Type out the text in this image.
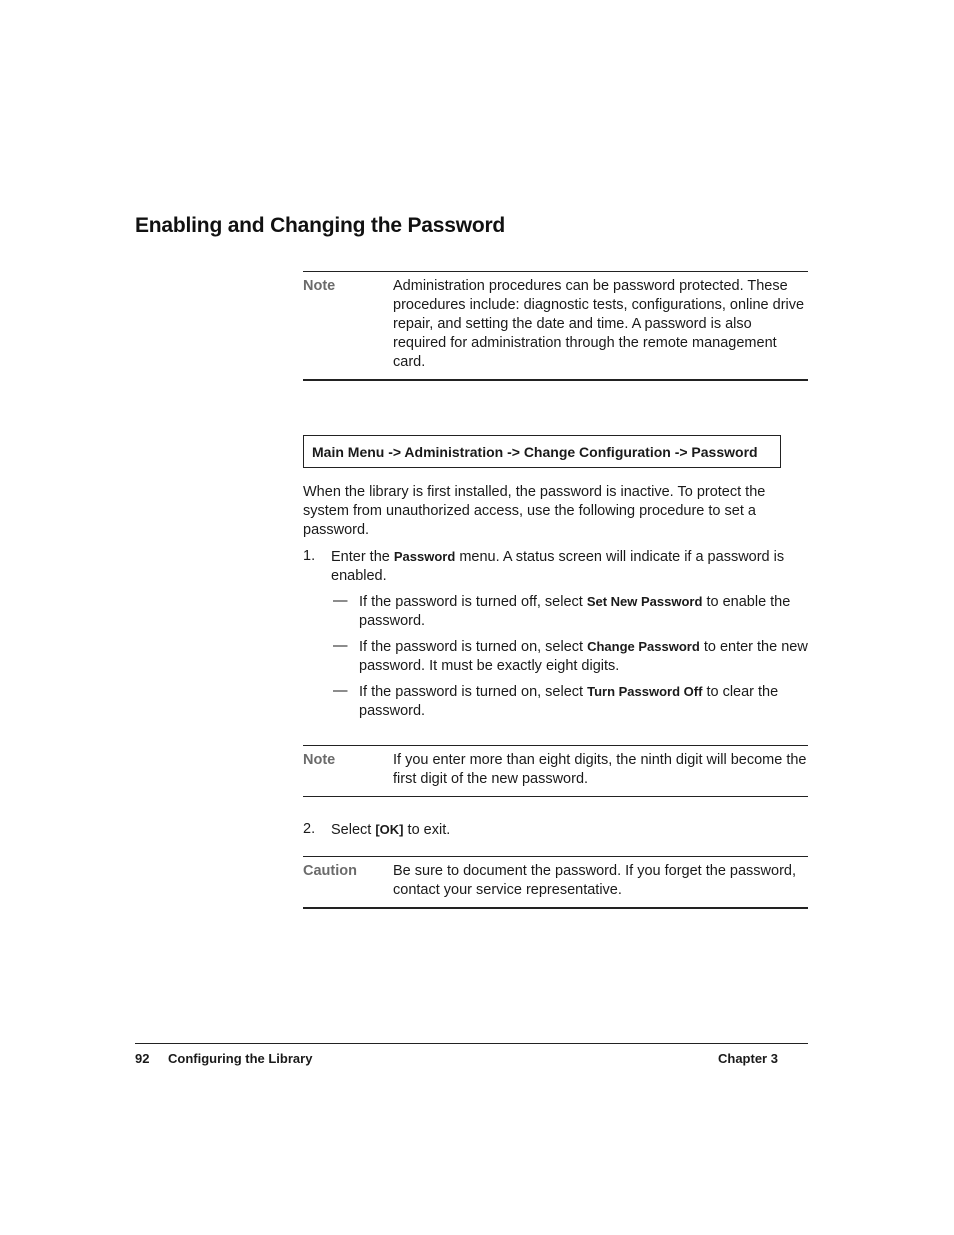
Enabling and Changing the Password
Note	Administration procedures can be password protected. These procedures include: diagnostic tests, configurations, online drive repair, and setting the date and time. A password is also required for administration through the remote management card.
Main Menu -> Administration -> Change Configuration -> Password
When the library is first installed, the password is inactive. To protect the system from unauthorized access, use the following procedure to set a password.
1. Enter the Password menu. A status screen will indicate if a password is enabled.
— If the password is turned off, select Set New Password to enable the password.
— If the password is turned on, select Change Password to enter the new password. It must be exactly eight digits.
— If the password is turned on, select Turn Password Off to clear the password.
Note	If you enter more than eight digits, the ninth digit will become the first digit of the new password.
2. Select [OK] to exit.
Caution	Be sure to document the password. If you forget the password, contact your service representative.
92 Configuring the Library	Chapter 3
